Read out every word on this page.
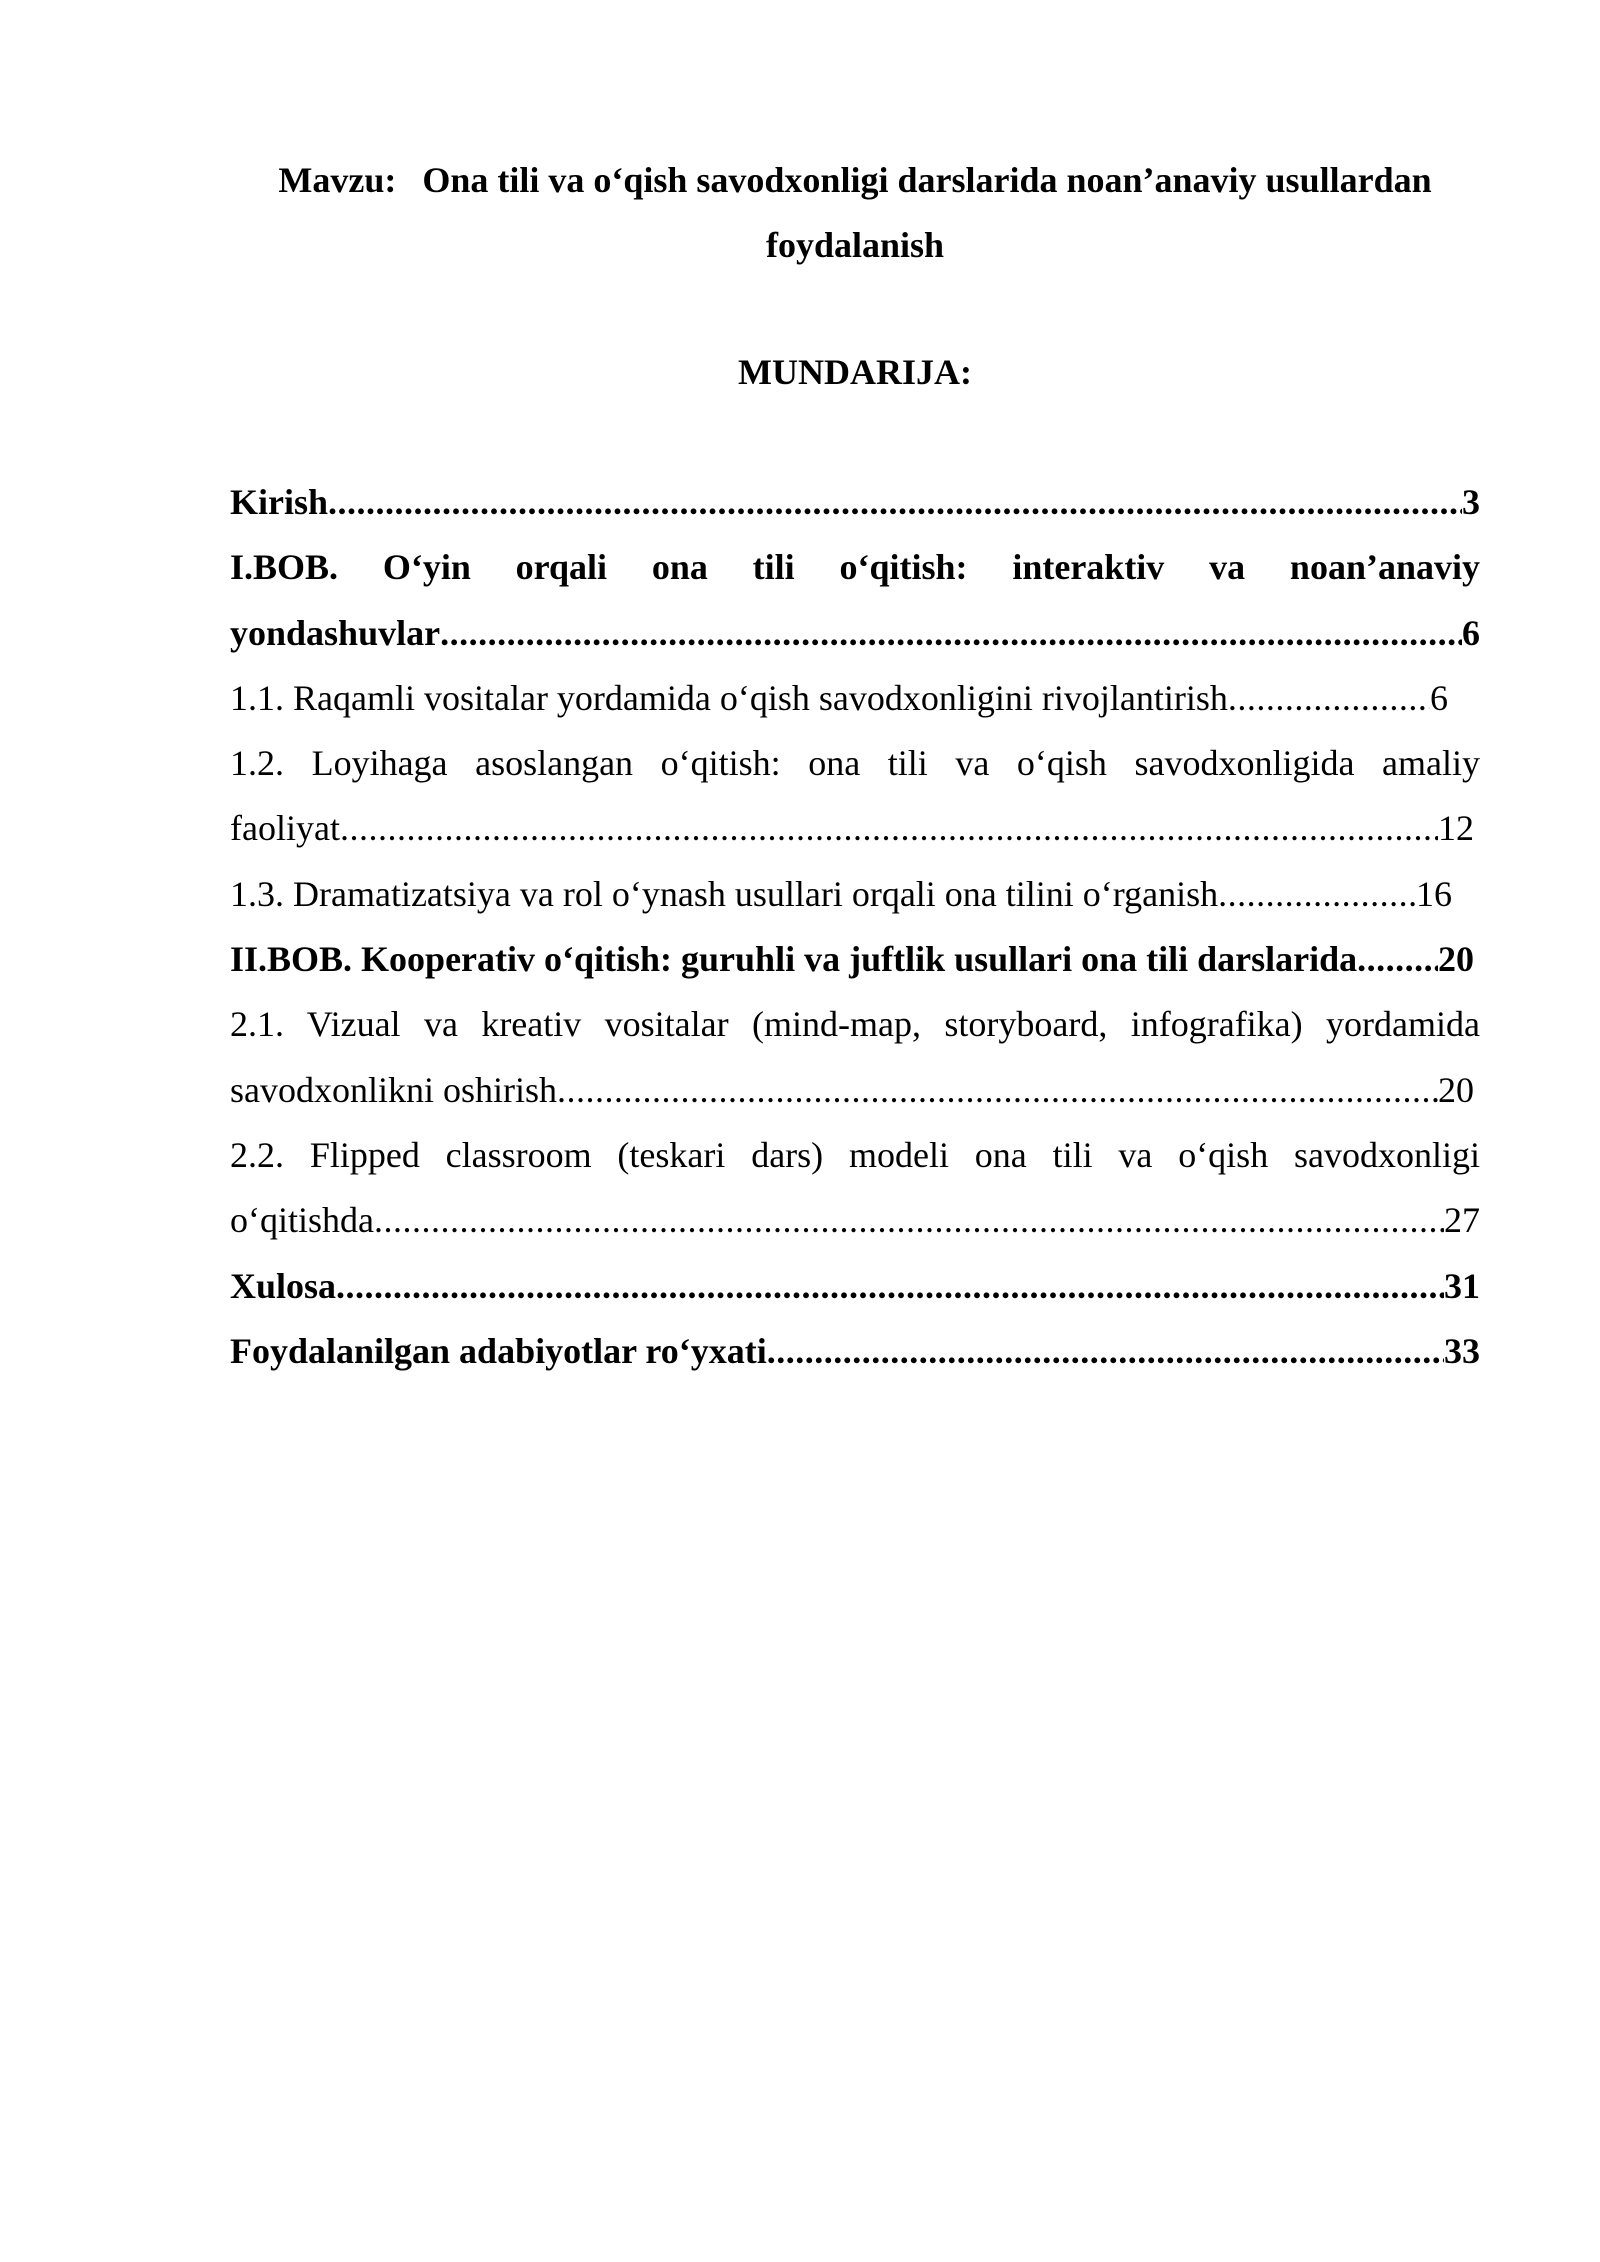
Mavzu: Ona tili va o‘qish savodxonligi darslarida noan’anaviy usullardan
foydalanish
MUNDARIJA:
Kirish .....	3
I.BOB. O‘yin orqali ona tili o‘qitish: interaktiv va noan’anaviy
yondashuvlar .....	6
1.1. Raqamli vositalar yordamida o‘qish savodxonligini rivojlantirish .....	6
1.2. Loyihaga asoslangan o‘qitish: ona tili va o‘qish savodxonligida amaliy
faoliyat .....	12
1.3. Dramatizatsiya va rol o‘ynash usullari orqali ona tilini o‘rganish .....	16
II.BOB. Kooperativ o‘qitish: guruhli va juftlik usullari ona tili darslarida ..... 20
2.1. Vizual va kreativ vositalar (mind-map, storyboard, infografika) yordamida
savodxonlikni oshirish .....	20
2.2. Flipped classroom (teskari dars) modeli ona tili va o‘qish savodxonligi
o‘qitishda .....	27
Xulosa .....	31
Foydalanilgan adabiyotlar ro‘yxati .....	33
